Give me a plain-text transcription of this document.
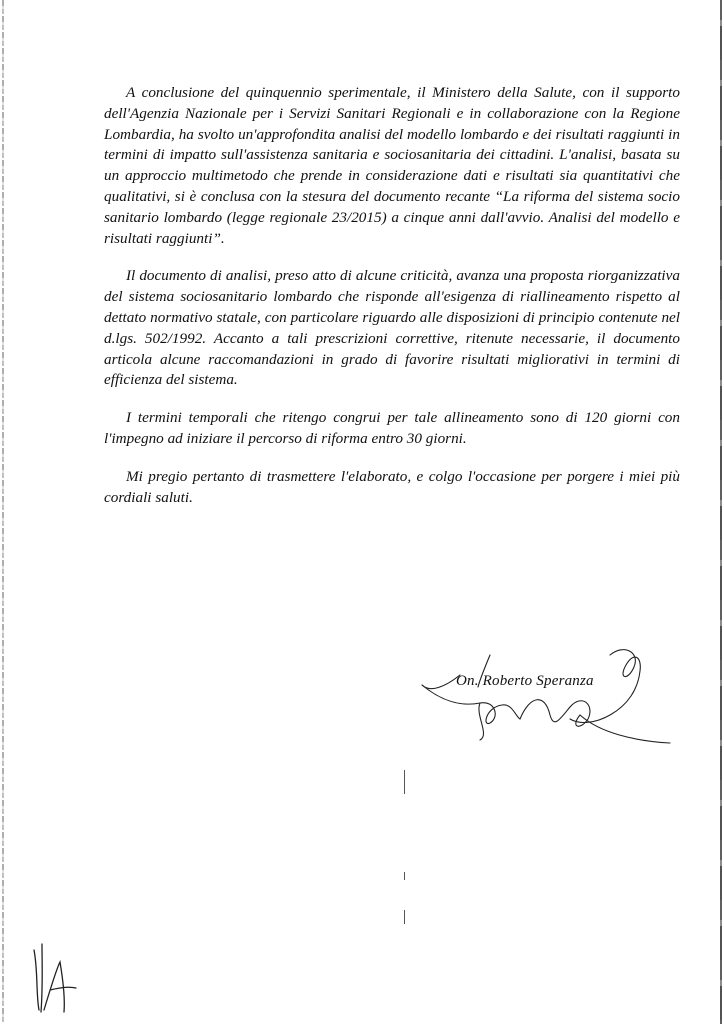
A conclusione del quinquennio sperimentale, il Ministero della Salute, con il supporto dell'Agenzia Nazionale per i Servizi Sanitari Regionali e in collaborazione con la Regione Lombardia, ha svolto un'approfondita analisi del modello lombardo e dei risultati raggiunti in termini di impatto sull'assistenza sanitaria e sociosanitaria dei cittadini. L'analisi, basata su un approccio multimetodo che prende in considerazione dati e risultati sia quantitativi che qualitativi, si è conclusa con la stesura del documento recante “La riforma del sistema socio sanitario lombardo (legge regionale 23/2015) a cinque anni dall'avvio. Analisi del modello e risultati raggiunti”.

Il documento di analisi, preso atto di alcune criticità, avanza una proposta riorganizzativa del sistema sociosanitario lombardo che risponde all'esigenza di riallineamento rispetto al dettato normativo statale, con particolare riguardo alle disposizioni di principio contenute nel d.lgs. 502/1992. Accanto a tali prescrizioni correttive, ritenute necessarie, il documento articola alcune raccomandazioni in grado di favorire risultati migliorativi in termini di efficienza del sistema.

I termini temporali che ritengo congrui per tale allineamento sono di 120 giorni con l'impegno ad iniziare il percorso di riforma entro 30 giorni.

Mi pregio pertanto di trasmettere l'elaborato, e colgo l'occasione per porgere i miei più cordiali saluti.

On. Roberto Speranza
